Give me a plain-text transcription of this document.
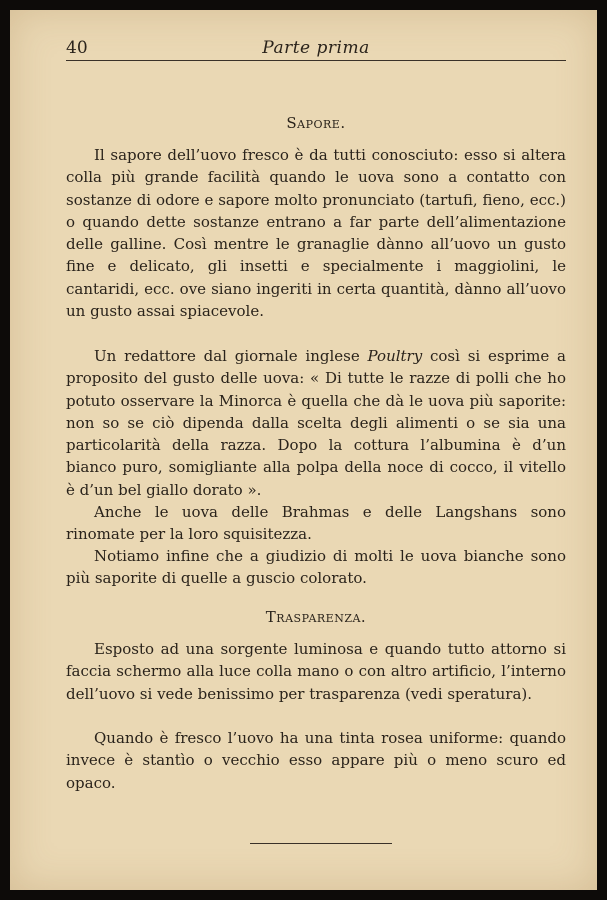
40	Parte prima
Sapore.
Il sapore dell’uovo fresco è da tutti conosciuto: esso si altera colla più grande facilità quando le uova sono a contatto con sostanze di odore e sapore molto pronunciato (tartufi, fieno, ecc.) o quando dette sostanze entrano a far parte dell’alimentazione delle galline. Così mentre le granaglie dànno all’uovo un gusto fine e delicato, gli insetti e specialmente i maggiolini, le cantaridi, ecc. ove siano ingeriti in certa quantità, dànno all’uovo un gusto assai spiacevole.
Un redattore dal giornale inglese Poultry così si esprime a proposito del gusto delle uova: « Di tutte le razze di polli che ho potuto osservare la Minorca è quella che dà le uova più saporite: non so se ciò dipenda dalla scelta degli alimenti o se sia una particolarità della razza. Dopo la cottura l’albumina è d’un bianco puro, somigliante alla polpa della noce di cocco, il vitello è d’un bel giallo dorato ».
Anche le uova delle Brahmas e delle Langshans sono rinomate per la loro squisitezza.
Notiamo infine che a giudizio di molti le uova bianche sono più saporite di quelle a guscio colorato.
Trasparenza.
Esposto ad una sorgente luminosa e quando tutto attorno si faccia schermo alla luce colla mano o con altro artificio, l’interno dell’uovo si vede benissimo per trasparenza (vedi speratura).
Quando è fresco l’uovo ha una tinta rosea uniforme: quando invece è stantìo o vecchio esso appare più o meno scuro ed opaco.
